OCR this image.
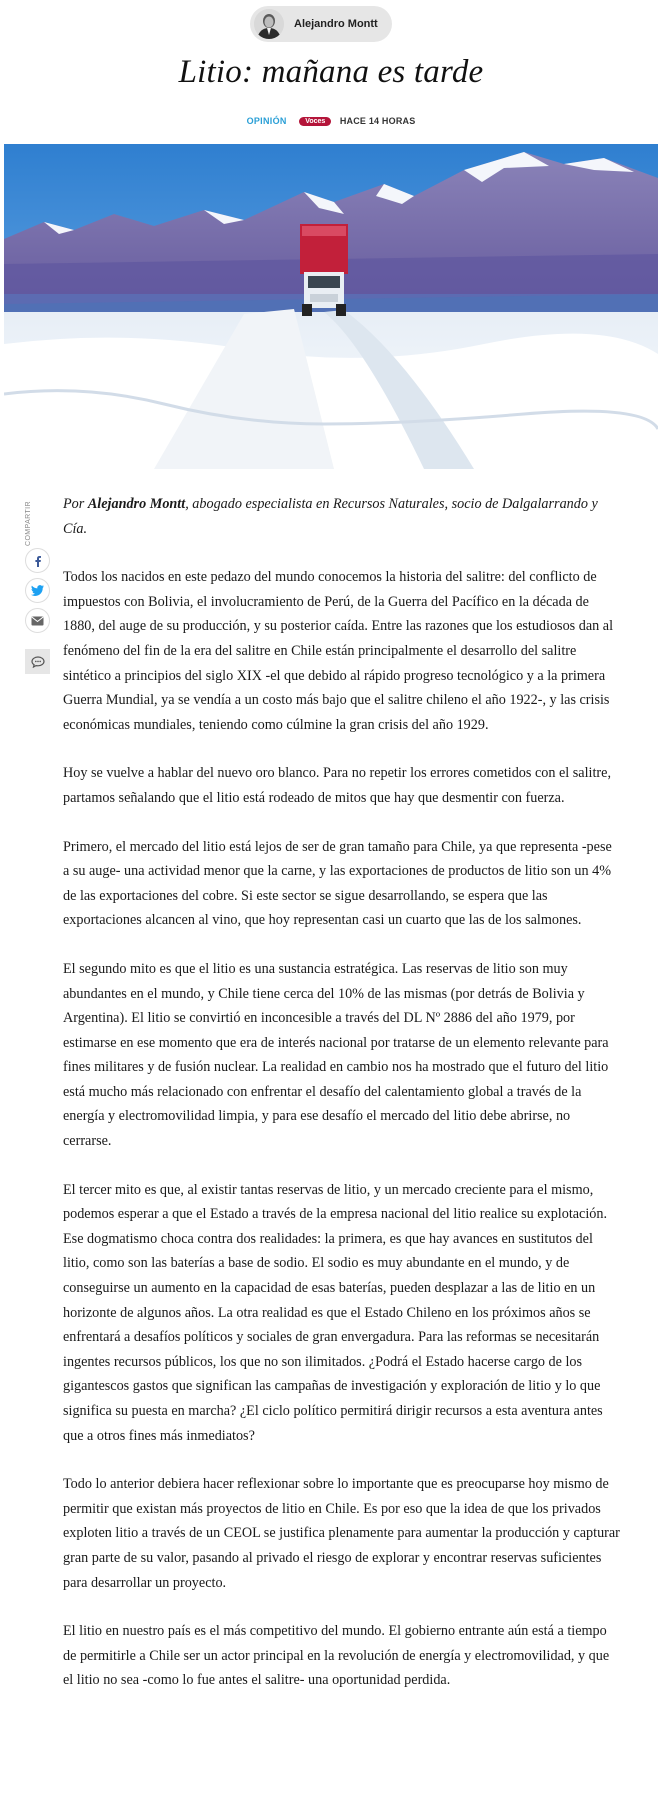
Alejandro Montt
Litio: mañana es tarde
OPINIÓN	Voces HACE 14 HORAS
COMPARTIR	Por Alejandro Montt, abogado especialista en Recursos Naturales, socio de Dalgalarrando y Cía.

Todos los nacidos en este pedazo del mundo conocemos la historia del salitre: del conflicto de impuestos con Bolivia, el involucramiento de Perú, de la Guerra del Pacífico en la década de 1880, del auge de su producción, y su posterior caída. Entre las razones que los estudiosos dan al fenómeno del fin de la era del salitre en Chile están principalmente el desarrollo del salitre sintético a principios del siglo XIX -el que debido al rápido progreso tecnológico y a la primera Guerra Mundial, ya se vendía a un costo más bajo que el salitre chileno el año 1922-, y las crisis económicas mundiales, teniendo como cúlmine la gran crisis del año 1929.

Hoy se vuelve a hablar del nuevo oro blanco. Para no repetir los errores cometidos con el salitre, partamos señalando que el litio está rodeado de mitos que hay que desmentir con fuerza.

Primero, el mercado del litio está lejos de ser de gran tamaño para Chile, ya que representa -pese a su auge- una actividad menor que la carne, y las exportaciones de productos de litio son un 4% de las exportaciones del cobre. Si este sector se sigue desarrollando, se espera que las exportaciones alcancen al vino, que hoy representan casi un cuarto que las de los salmones.

El segundo mito es que el litio es una sustancia estratégica. Las reservas de litio son muy abundantes en el mundo, y Chile tiene cerca del 10% de las mismas (por detrás de Bolivia y Argentina). El litio se convirtió en inconcesible a través del DL Nº 2886 del año 1979, por estimarse en ese momento que era de interés nacional por tratarse de un elemento relevante para fines militares y de fusión nuclear. La realidad en cambio nos ha mostrado que el futuro del litio está mucho más relacionado con enfrentar el desafío del calentamiento global a través de la energía y electromovilidad limpia, y para ese desafío el mercado del litio debe abrirse, no cerrarse.

El tercer mito es que, al existir tantas reservas de litio, y un mercado creciente para el mismo, podemos esperar a que el Estado a través de la empresa nacional del litio realice su explotación. Ese dogmatismo choca contra dos realidades: la primera, es que hay avances en sustitutos del litio, como son las baterías a base de sodio. El sodio es muy abundante en el mundo, y de conseguirse un aumento en la capacidad de esas baterías, pueden desplazar a las de litio en un horizonte de algunos años. La otra realidad es que el Estado Chileno en los próximos años se enfrentará a desafíos políticos y sociales de gran envergadura. Para las reformas se necesitarán ingentes recursos públicos, los que no son ilimitados. ¿Podrá el Estado hacerse cargo de los gigantescos gastos que significan las campañas de investigación y exploración de litio y lo que significa su puesta en marcha? ¿El ciclo político permitirá dirigir recursos a esta aventura antes que a otros fines más inmediatos?

Todo lo anterior debiera hacer reflexionar sobre lo importante que es preocuparse hoy mismo de permitir que existan más proyectos de litio en Chile. Es por eso que la idea de que los privados exploten litio a través de un CEOL se justifica plenamente para aumentar la producción y capturar gran parte de su valor, pasando al privado el riesgo de explorar y encontrar reservas suficientes para desarrollar un proyecto.

El litio en nuestro país es el más competitivo del mundo. El gobierno entrante aún está a tiempo de permitirle a Chile ser un actor principal en la revolución de energía y electromovilidad, y que el litio no sea -como lo fue antes el salitre- una oportunidad perdida.
